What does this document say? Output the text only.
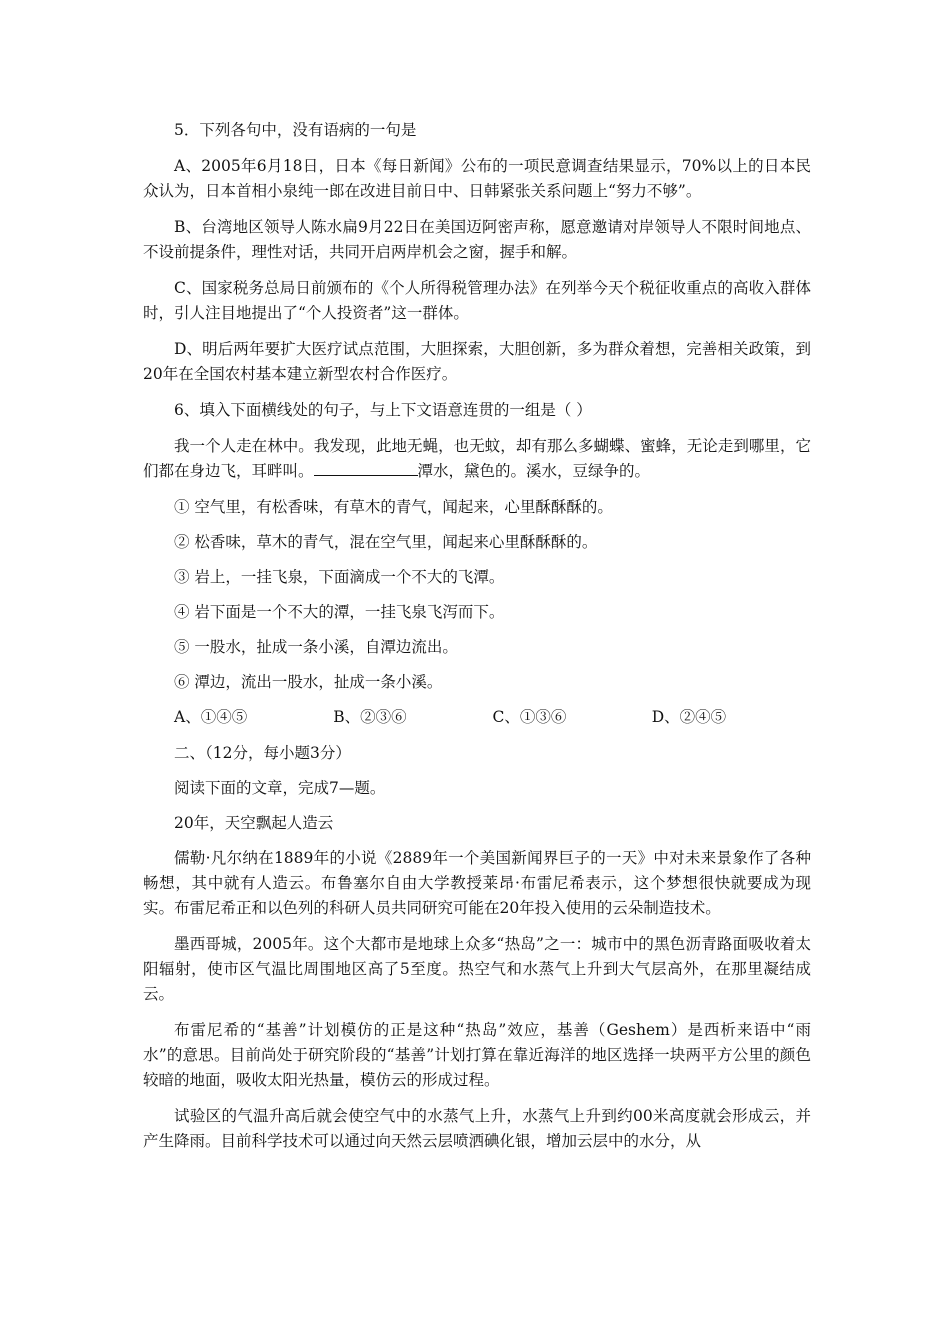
5．下列各句中，没有语病的一句是

A、2005年6月18日，日本《每日新闻》公布的一项民意调查结果显示，70%以上的日本民众认为，日本首相小泉纯一郎在改进目前日中、日韩紧张关系问题上“努力不够”。

B、台湾地区领导人陈水扁9月22日在美国迈阿密声称，愿意邀请对岸领导人不限时间地点、不设前提条件，理性对话，共同开启两岸机会之窗，握手和解。

C、国家税务总局日前颁布的《个人所得税管理办法》在列举今天个税征收重点的高收入群体时，引人注目地提出了“个人投资者”这一群体。

D、明后两年要扩大医疗试点范围，大胆探索，大胆创新，多为群众着想，完善相关政策，到20年在全国农村基本建立新型农村合作医疗。

6、填入下面横线处的句子，与上下文语意连贯的一组是（ ）

我一个人走在林中。我发现，此地无蝇，也无蚊，却有那么多蝴蝶、蜜蜂，无论走到哪里，它们都在身边飞，耳畔叫。	潭水，黛色的。溪水，豆绿争的。

① 空气里，有松香味，有草木的青气，闻起来，心里酥酥酥的。

② 松香味，草木的青气，混在空气里，闻起来心里酥酥酥的。

③ 岩上，一挂飞泉，下面滴成一个不大的飞潭。

④ 岩下面是一个不大的潭，一挂飞泉飞泻而下。

⑤ 一股水，扯成一条小溪，自潭边流出。

⑥ 潭边，流出一股水，扯成一条小溪。

A、①④⑤	B、②③⑥	C、①③⑥	D、②④⑤

二、（12分，每小题3分）

阅读下面的文章，完成7—题。

20年，天空飘起人造云

儒勒·凡尔纳在1889年的小说《2889年一个美国新闻界巨子的一天》中对未来景象作了各种畅想，其中就有人造云。布鲁塞尔自由大学教授莱昂·布雷尼希表示，这个梦想很快就要成为现实。布雷尼希正和以色列的科研人员共同研究可能在20年投入使用的云朵制造技术。

墨西哥城，2005年。这个大都市是地球上众多“热岛”之一：城市中的黑色沥青路面吸收着太阳辐射，使市区气温比周围地区高了5至度。热空气和水蒸气上升到大气层高外，在那里凝结成云。

布雷尼希的“基善”计划模仿的正是这种“热岛”效应，基善（Geshem）是西析来语中“雨水”的意思。目前尚处于研究阶段的“基善”计划打算在靠近海洋的地区选择一块两平方公里的颜色较暗的地面，吸收太阳光热量，模仿云的形成过程。

试验区的气温升高后就会使空气中的水蒸气上升，水蒸气上升到约00米高度就会形成云，并产生降雨。目前科学技术可以通过向天然云层喷洒碘化银，增加云层中的水分，从
